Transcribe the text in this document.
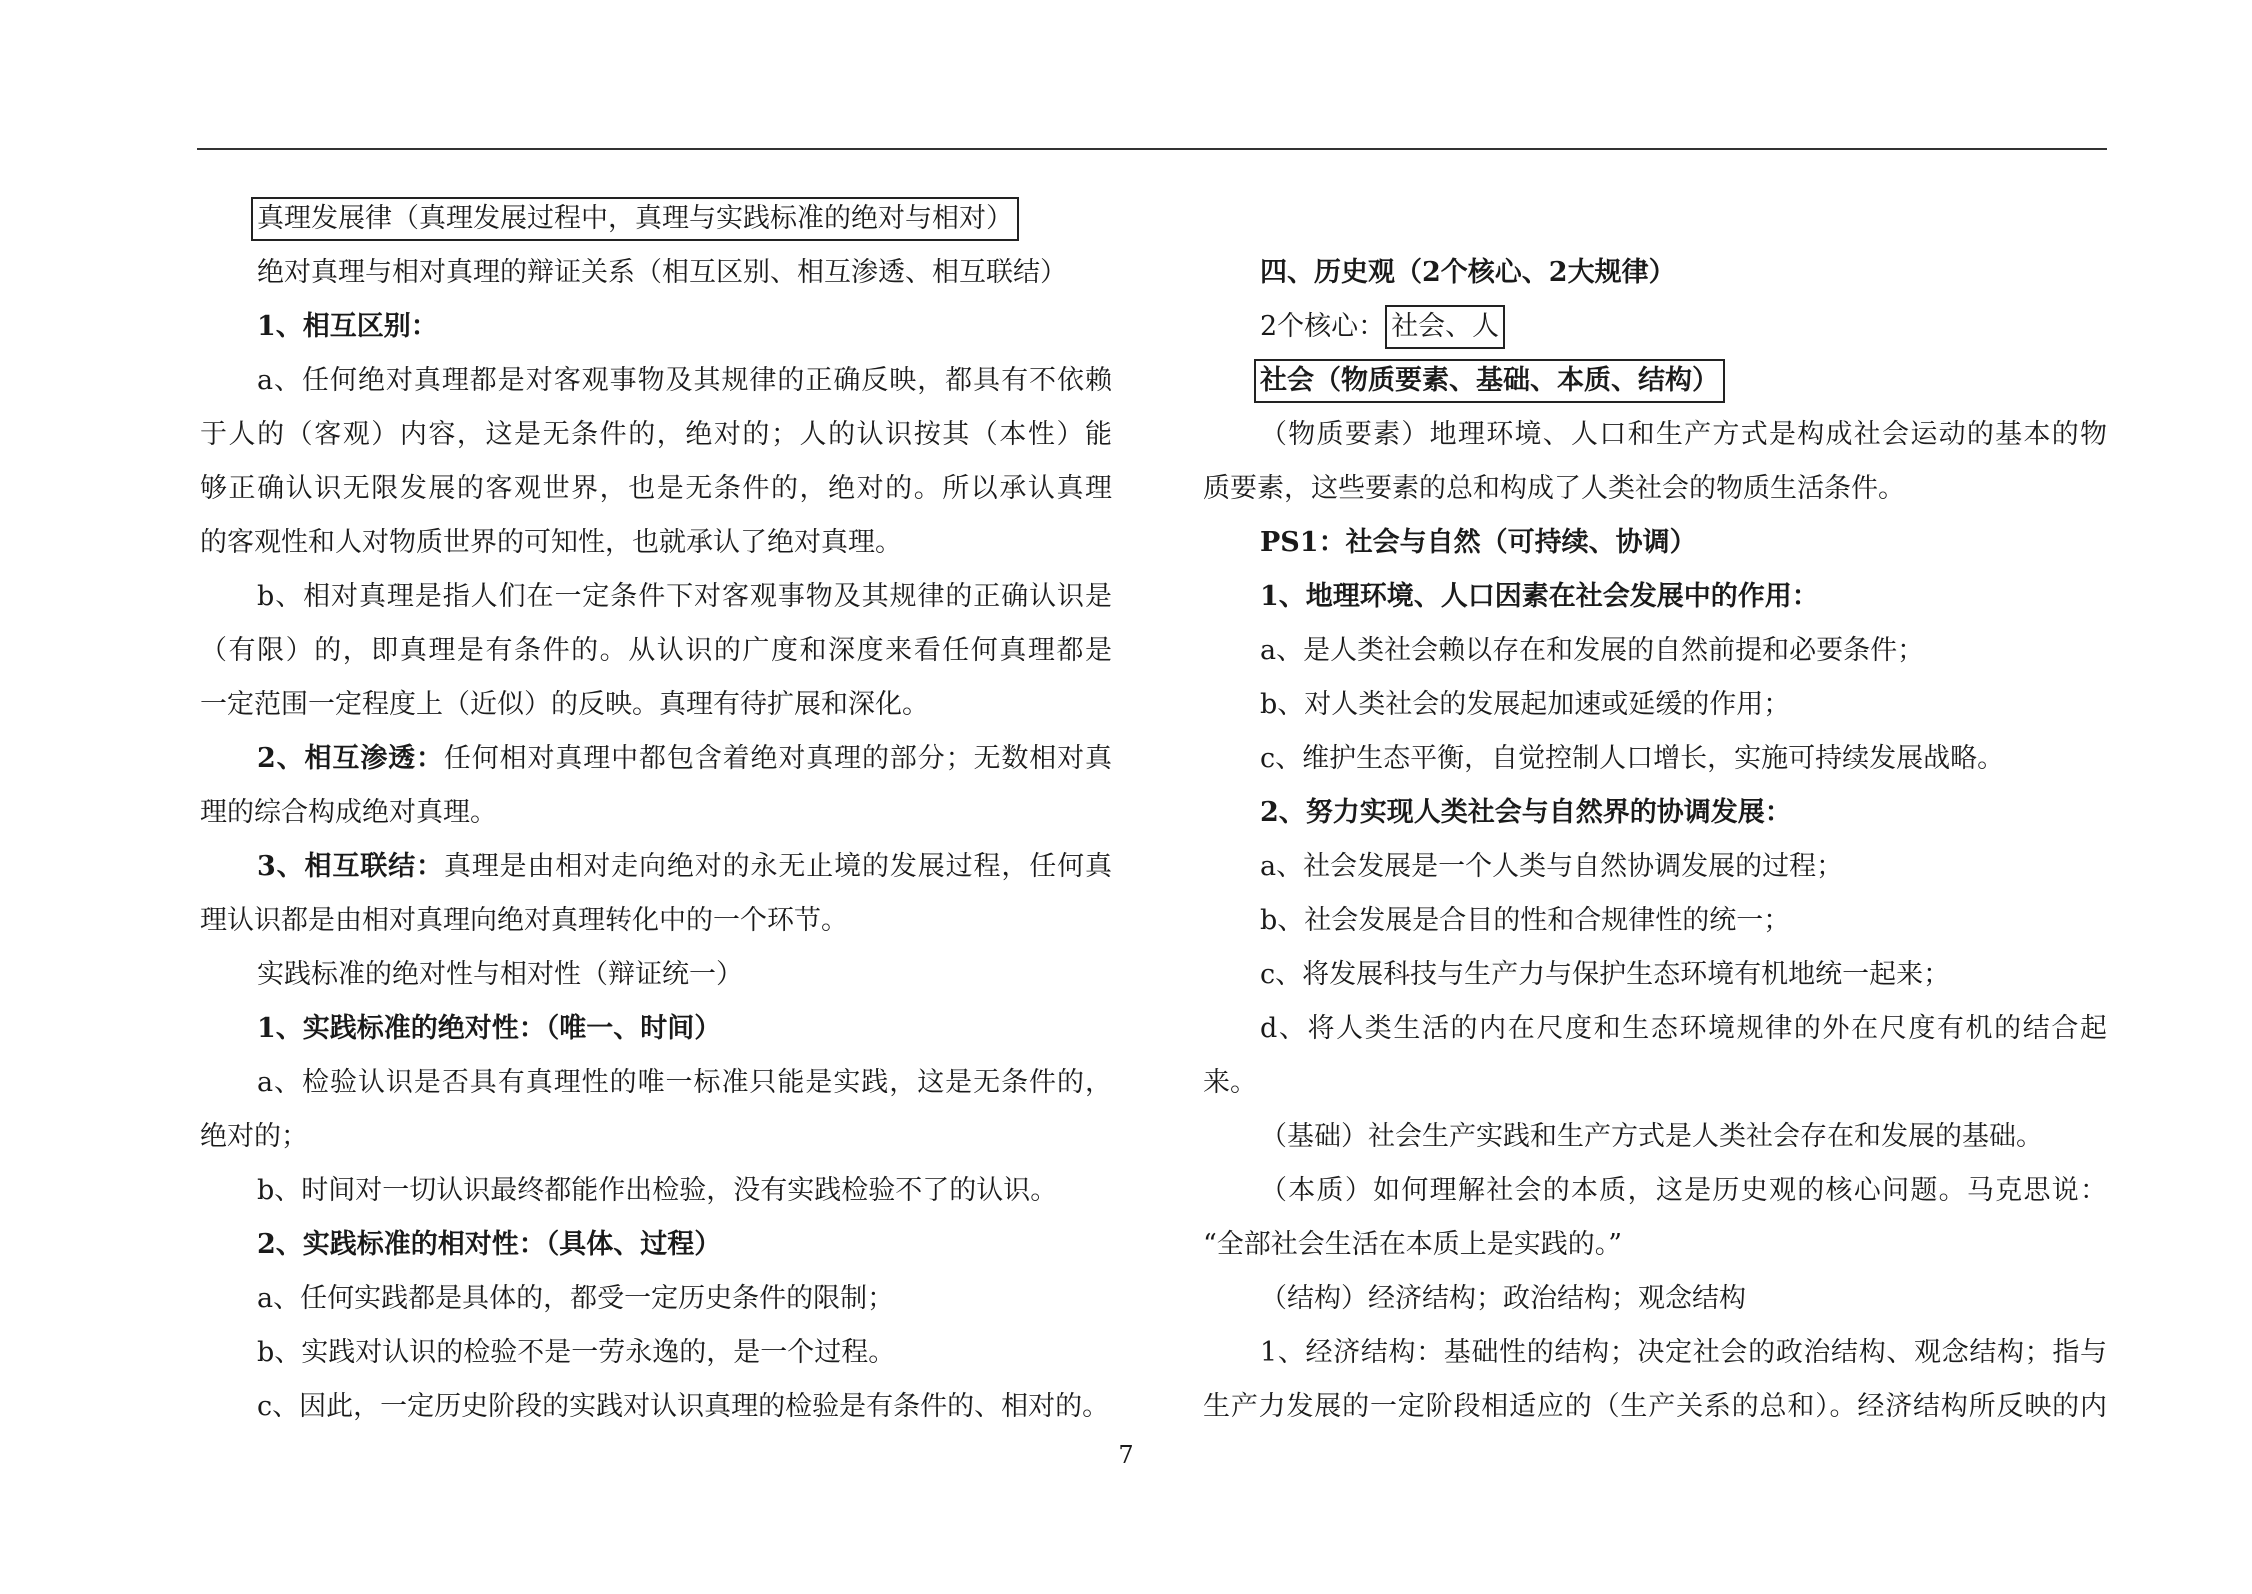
真理发展律（真理发展过程中，真理与实践标准的绝对与相对）
绝对真理与相对真理的辩证关系（相互区别、相互渗透、相互联结）
1、相互区别：
a、任何绝对真理都是对客观事物及其规律的正确反映，都具有不依赖
于人的（客观）内容，这是无条件的，绝对的；人的认识按其（本性）能
够正确认识无限发展的客观世界，也是无条件的，绝对的。所以承认真理
的客观性和人对物质世界的可知性，也就承认了绝对真理。
b、相对真理是指人们在一定条件下对客观事物及其规律的正确认识是
（有限）的，即真理是有条件的。从认识的广度和深度来看任何真理都是
一定范围一定程度上（近似）的反映。真理有待扩展和深化。
2、相互渗透：任何相对真理中都包含着绝对真理的部分；无数相对真
理的综合构成绝对真理。
3、相互联结：真理是由相对走向绝对的永无止境的发展过程，任何真
理认识都是由相对真理向绝对真理转化中的一个环节。
实践标准的绝对性与相对性（辩证统一）
1、实践标准的绝对性：（唯一、时间）
a、检验认识是否具有真理性的唯一标准只能是实践，这是无条件的，
绝对的；
b、时间对一切认识最终都能作出检验，没有实践检验不了的认识。
2、实践标准的相对性：（具体、过程）
a、任何实践都是具体的，都受一定历史条件的限制；
b、实践对认识的检验不是一劳永逸的，是一个过程。
c、因此，一定历史阶段的实践对认识真理的检验是有条件的、相对的。
四、历史观（2个核心、2大规律）
2个核心： 社会、人
社会（物质要素、基础、本质、结构）
（物质要素）地理环境、人口和生产方式是构成社会运动的基本的物
质要素，这些要素的总和构成了人类社会的物质生活条件。
PS1：社会与自然（可持续、协调）
1、地理环境、人口因素在社会发展中的作用：
a、是人类社会赖以存在和发展的自然前提和必要条件；
b、对人类社会的发展起加速或延缓的作用；
c、维护生态平衡，自觉控制人口增长，实施可持续发展战略。
2、努力实现人类社会与自然界的协调发展：
a、社会发展是一个人类与自然协调发展的过程；
b、社会发展是合目的性和合规律性的统一；
c、将发展科技与生产力与保护生态环境有机地统一起来；
d、将人类生活的内在尺度和生态环境规律的外在尺度有机的结合起
来。
（基础）社会生产实践和生产方式是人类社会存在和发展的基础。
（本质）如何理解社会的本质，这是历史观的核心问题。马克思说：
“全部社会生活在本质上是实践的。”
（结构）经济结构；政治结构；观念结构
1、经济结构：基础性的结构；决定社会的政治结构、观念结构；指与
生产力发展的一定阶段相适应的（生产关系的总和）。经济结构所反映的内
7
